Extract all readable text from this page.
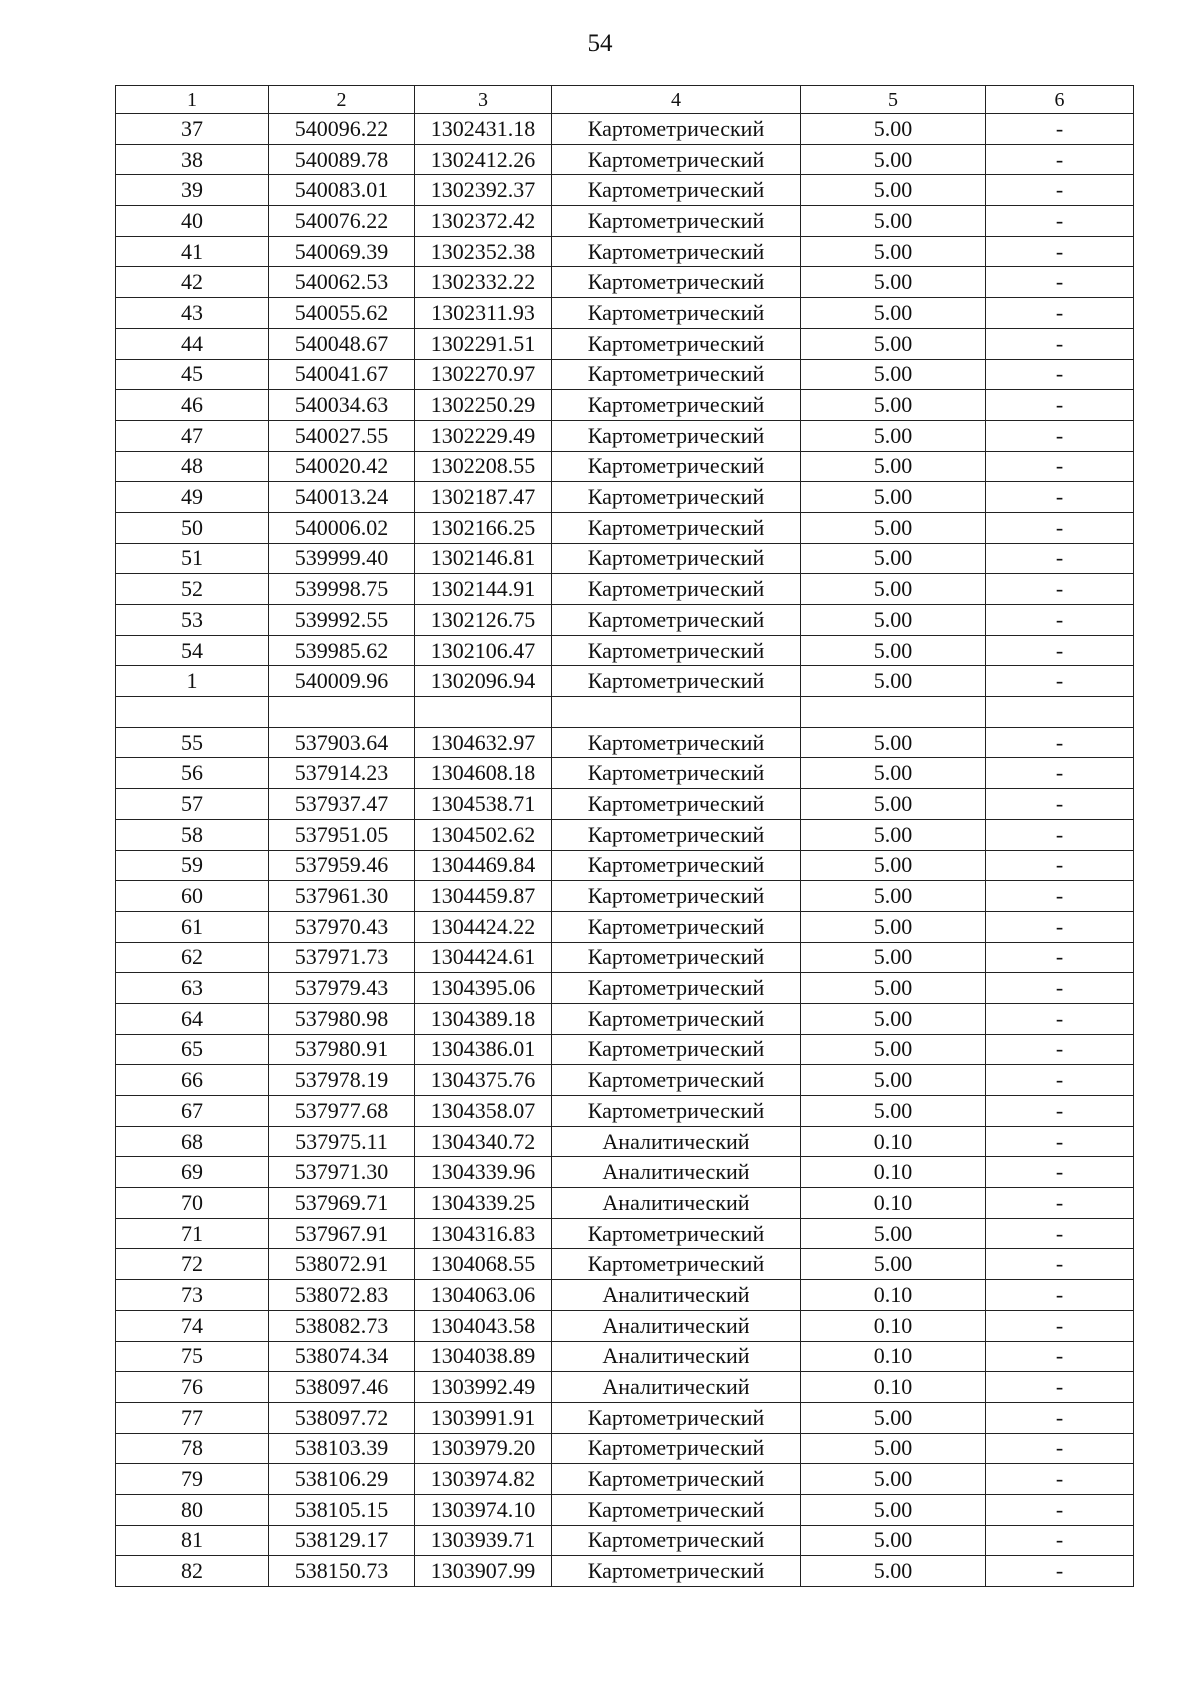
54
1	2	3	4	5	6
37	540096.22	1302431.18	Картометрический	5.00	-
38	540089.78	1302412.26	Картометрический	5.00	-
39	540083.01	1302392.37	Картометрический	5.00	-
40	540076.22	1302372.42	Картометрический	5.00	-
41	540069.39	1302352.38	Картометрический	5.00	-
42	540062.53	1302332.22	Картометрический	5.00	-
43	540055.62	1302311.93	Картометрический	5.00	-
44	540048.67	1302291.51	Картометрический	5.00	-
45	540041.67	1302270.97	Картометрический	5.00	-
46	540034.63	1302250.29	Картометрический	5.00	-
47	540027.55	1302229.49	Картометрический	5.00	-
48	540020.42	1302208.55	Картометрический	5.00	-
49	540013.24	1302187.47	Картометрический	5.00	-
50	540006.02	1302166.25	Картометрический	5.00	-
51	539999.40	1302146.81	Картометрический	5.00	-
52	539998.75	1302144.91	Картометрический	5.00	-
53	539992.55	1302126.75	Картометрический	5.00	-
54	539985.62	1302106.47	Картометрический	5.00	-
1	540009.96	1302096.94	Картометрический	5.00	-

55	537903.64	1304632.97	Картометрический	5.00	-
56	537914.23	1304608.18	Картометрический	5.00	-
57	537937.47	1304538.71	Картометрический	5.00	-
58	537951.05	1304502.62	Картометрический	5.00	-
59	537959.46	1304469.84	Картометрический	5.00	-
60	537961.30	1304459.87	Картометрический	5.00	-
61	537970.43	1304424.22	Картометрический	5.00	-
62	537971.73	1304424.61	Картометрический	5.00	-
63	537979.43	1304395.06	Картометрический	5.00	-
64	537980.98	1304389.18	Картометрический	5.00	-
65	537980.91	1304386.01	Картометрический	5.00	-
66	537978.19	1304375.76	Картометрический	5.00	-
67	537977.68	1304358.07	Картометрический	5.00	-
68	537975.11	1304340.72	Аналитический	0.10	-
69	537971.30	1304339.96	Аналитический	0.10	-
70	537969.71	1304339.25	Аналитический	0.10	-
71	537967.91	1304316.83	Картометрический	5.00	-
72	538072.91	1304068.55	Картометрический	5.00	-
73	538072.83	1304063.06	Аналитический	0.10	-
74	538082.73	1304043.58	Аналитический	0.10	-
75	538074.34	1304038.89	Аналитический	0.10	-
76	538097.46	1303992.49	Аналитический	0.10	-
77	538097.72	1303991.91	Картометрический	5.00	-
78	538103.39	1303979.20	Картометрический	5.00	-
79	538106.29	1303974.82	Картометрический	5.00	-
80	538105.15	1303974.10	Картометрический	5.00	-
81	538129.17	1303939.71	Картометрический	5.00	-
82	538150.73	1303907.99	Картометрический	5.00	-
